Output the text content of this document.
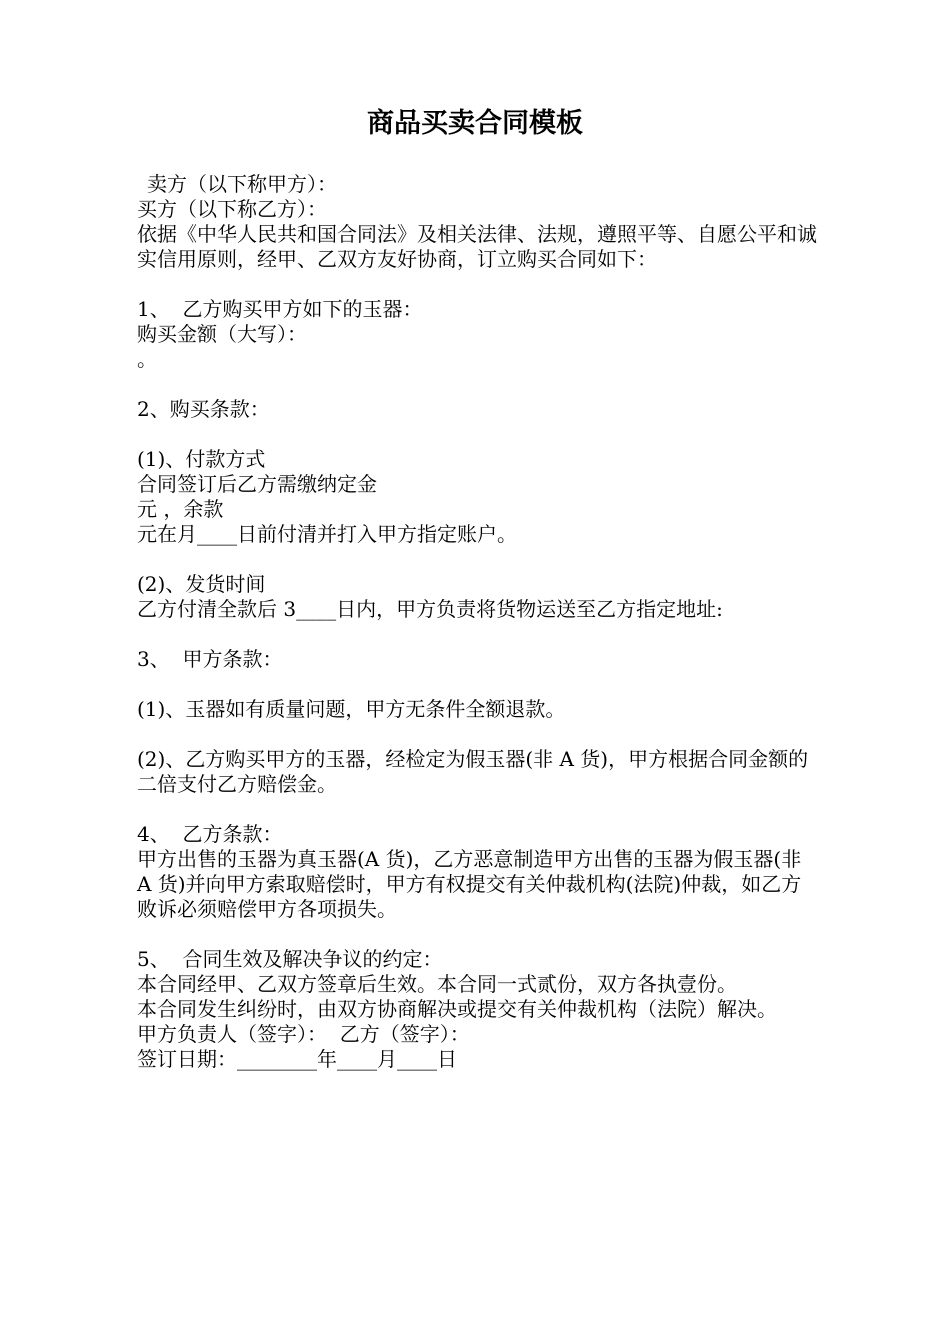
商品买卖合同模板

卖方（以下称甲方）：

买方（以下称乙方）：

依据《中华人民共和国合同法》及相关法律、法规，遵照平等、自愿公平和诚实信用原则，经甲、乙双方友好协商，订立购买合同如下：

1、  乙方购买甲方如下的玉器：

购买金额（大写）：

。

2、购买条款：

(1)、付款方式

合同签订后乙方需缴纳定金

元 ，余款

元在月____日前付清并打入甲方指定账户。

(2)、发货时间

乙方付清全款后 3____日内，甲方负责将货物运送至乙方指定地址:

3、  甲方条款：

(1)、玉器如有质量问题，甲方无条件全额退款。

(2)、乙方购买甲方的玉器，经检定为假玉器(非 A 货)，甲方根据合同金额的二倍支付乙方赔偿金。

4、  乙方条款：

甲方出售的玉器为真玉器(A 货)，乙方恶意制造甲方出售的玉器为假玉器(非 A 货)并向甲方索取赔偿时，甲方有权提交有关仲裁机构(法院)仲裁，如乙方败诉必须赔偿甲方各项损失。

5、  合同生效及解决争议的约定：

本合同经甲、乙双方签章后生效。本合同一式贰份，双方各执壹份。

本合同发生纠纷时，由双方协商解决或提交有关仲裁机构（法院）解决。

甲方负责人（签字）：  乙方（签字）：

签订日期：________年____月____日
